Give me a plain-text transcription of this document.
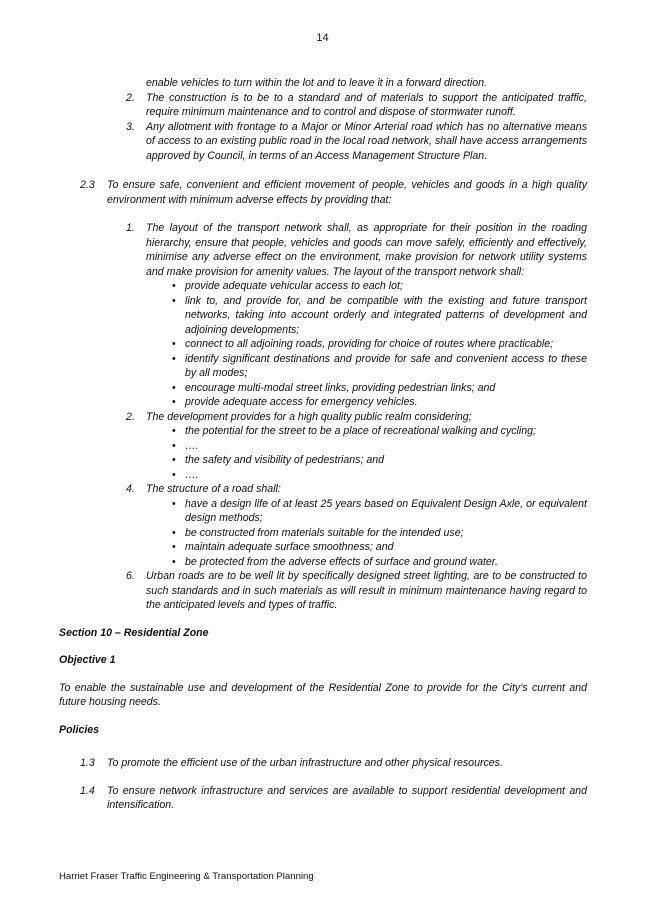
14
enable vehicles to turn within the lot and to leave it in a forward direction.
2. The construction is to be to a standard and of materials to support the anticipated traffic, require minimum maintenance and to control and dispose of stormwater runoff.
3. Any allotment with frontage to a Major or Minor Arterial road which has no alternative means of access to an existing public road in the local road network, shall have access arrangements approved by Council, in terms of an Access Management Structure Plan.
2.3 To ensure safe, convenient and efficient movement of people, vehicles and goods in a high quality environment with minimum adverse effects by providing that:
1. The layout of the transport network shall, as appropriate for their position in the roading hierarchy, ensure that people, vehicles and goods can move safely, efficiently and effectively, minimise any adverse effect on the environment, make provision for network utility systems and make provision for amenity values. The layout of the transport network shall:
• provide adequate vehicular access to each lot;
• link to, and provide for, and be compatible with the existing and future transport networks, taking into account orderly and integrated patterns of development and adjoining developments;
• connect to all adjoining roads, providing for choice of routes where practicable;
• identify significant destinations and provide for safe and convenient access to these by all modes;
• encourage multi-modal street links, providing pedestrian links; and
• provide adequate access for emergency vehicles.
2. The development provides for a high quality public realm considering;
• the potential for the street to be a place of recreational walking and cycling;
• ….
• the safety and visibility of pedestrians; and
• ….
4. The structure of a road shall:
• have a design life of at least 25 years based on Equivalent Design Axle, or equivalent design methods;
• be constructed from materials suitable for the intended use;
• maintain adequate surface smoothness; and
• be protected from the adverse effects of surface and ground water.
6. Urban roads are to be well lit by specifically designed street lighting, are to be constructed to such standards and in such materials as will result in minimum maintenance having regard to the anticipated levels and types of traffic.
Section 10 – Residential Zone
Objective 1
To enable the sustainable use and development of the Residential Zone to provide for the City’s current and future housing needs.
Policies
1.3 To promote the efficient use of the urban infrastructure and other physical resources.
1.4 To ensure network infrastructure and services are available to support residential development and intensification.
Harriet Fraser Traffic Engineering & Transportation Planning
